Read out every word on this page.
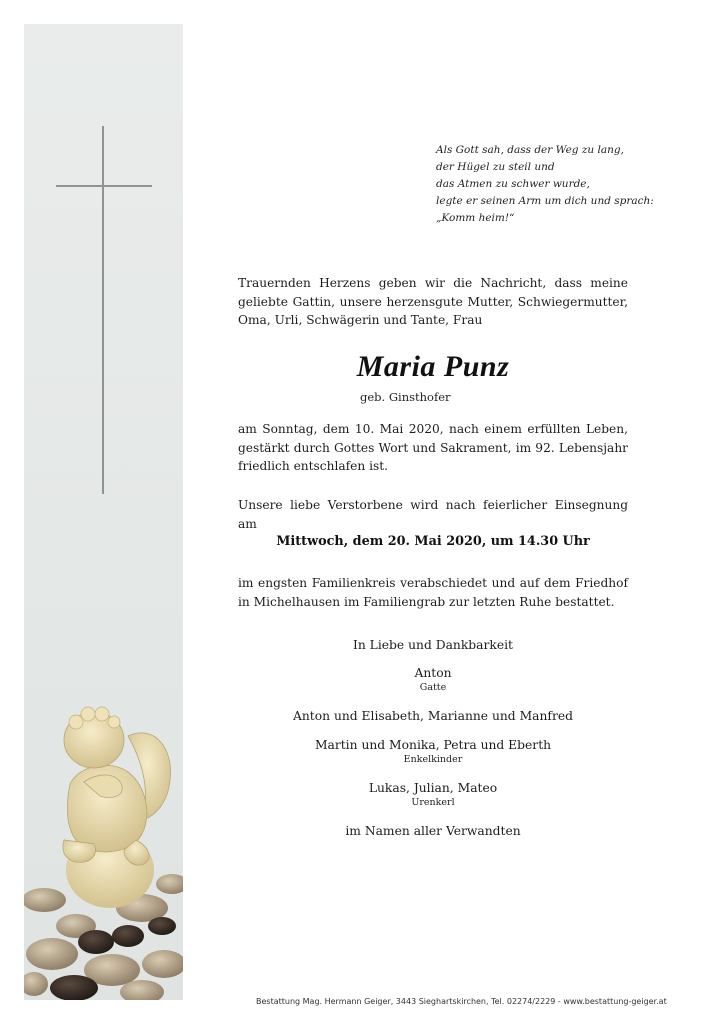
Als Gott sah, dass der Weg zu lang,
der Hügel zu steil und
das Atmen zu schwer wurde,
legte er seinen Arm um dich und sprach:
„Komm heim!“
Trauernden Herzens geben wir die Nachricht, dass meine geliebte Gattin, unsere herzensgute Mutter, Schwiegermutter, Oma, Urli, Schwägerin und Tante, Frau
Maria Punz
geb. Ginsthofer
am Sonntag, dem 10. Mai 2020, nach einem erfüllten Leben, gestärkt durch Gottes Wort und Sakrament, im 92. Lebensjahr friedlich entschlafen ist.
Unsere liebe Verstorbene wird nach feierlicher Einsegnung am
Mittwoch, dem 20. Mai 2020, um 14.30 Uhr
im engsten Familienkreis verabschiedet und auf dem Friedhof in Michelhausen im Familiengrab zur letzten Ruhe bestattet.
In Liebe und Dankbarkeit
Anton
Gatte
Anton und Elisabeth, Marianne und Manfred
Martin und Monika, Petra und Eberth
Enkelkinder
Lukas, Julian, Mateo
Urenkerl
im Namen aller Verwandten
Bestattung Mag. Hermann Geiger, 3443 Sieghartskirchen, Tel. 02274/2229 - www.bestattung-geiger.at
